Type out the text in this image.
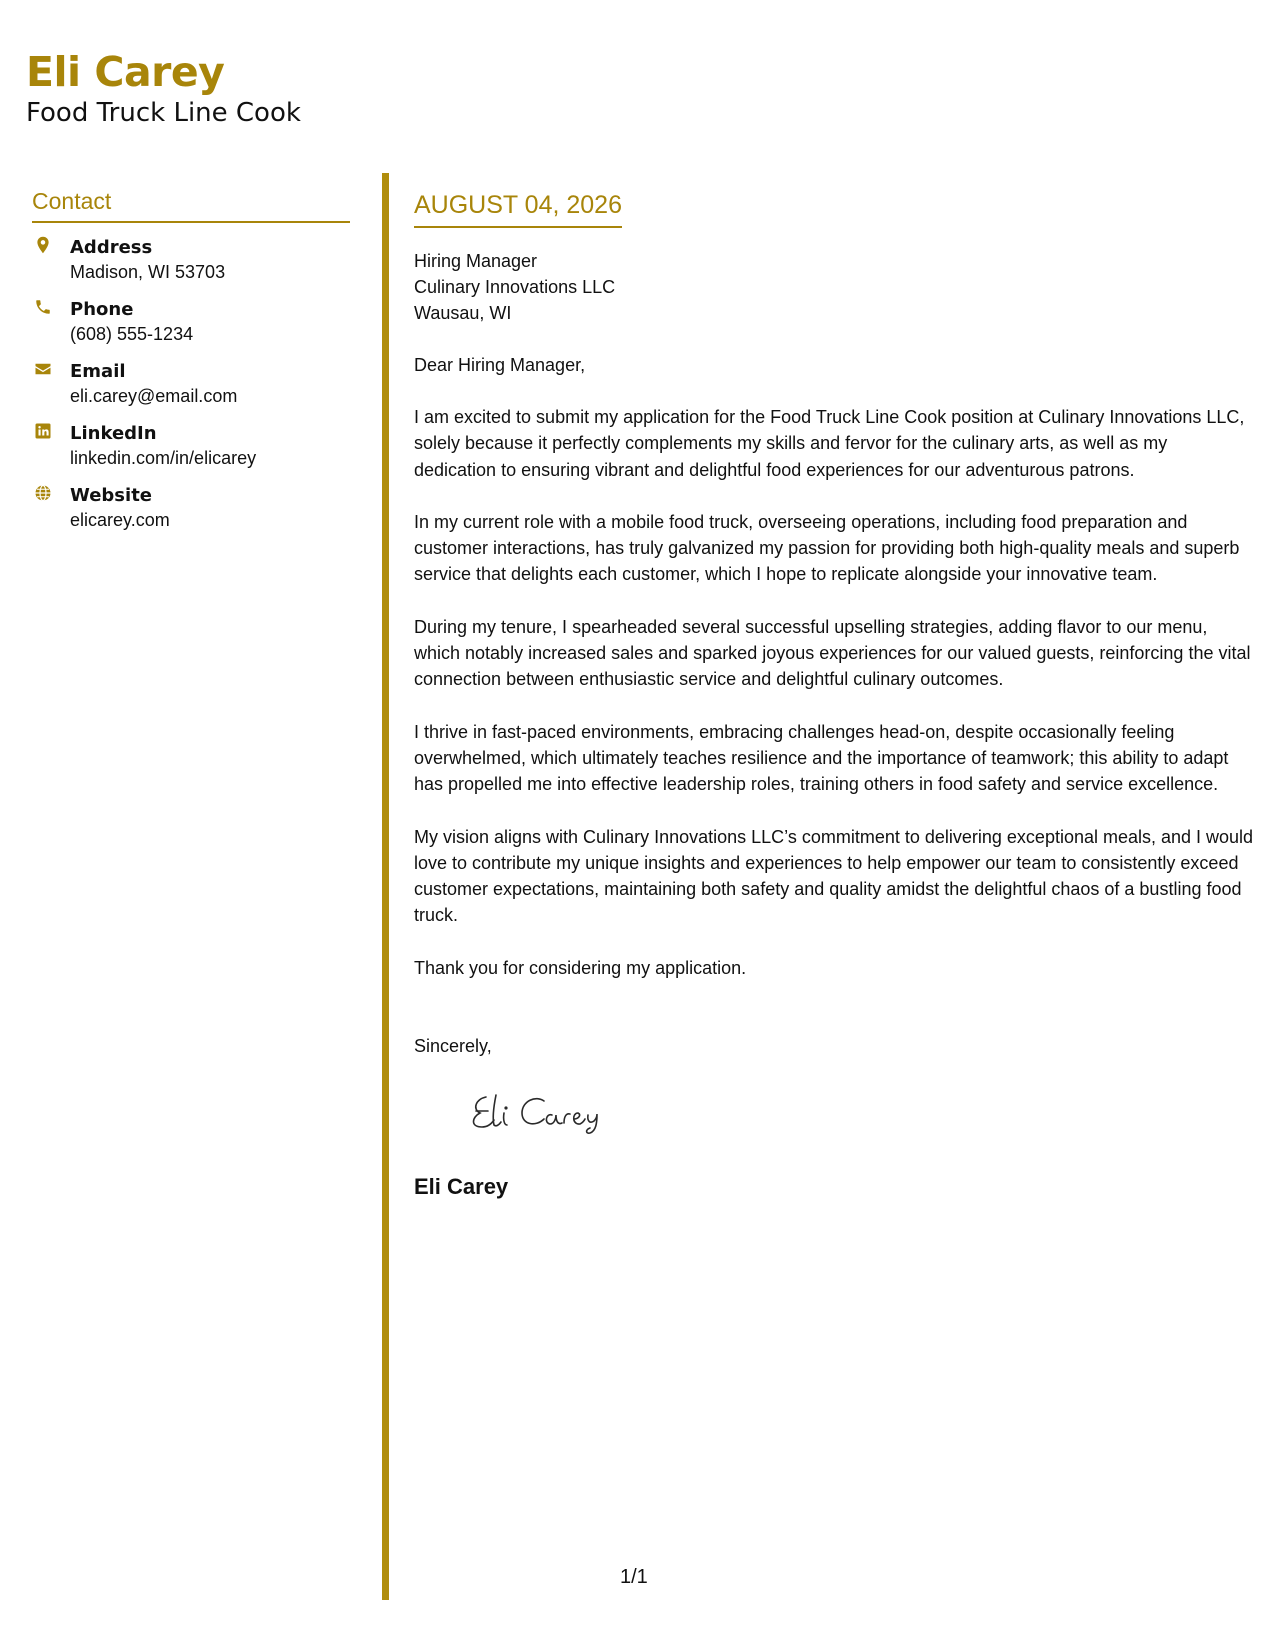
Eli Carey
Food Truck Line Cook
Contact
Address
Madison, WI 53703
Phone
(608) 555-1234
Email
eli.carey@email.com
LinkedIn
linkedin.com/in/elicarey
Website
elicarey.com
AUGUST 04, 2026
Hiring Manager
Culinary Innovations LLC
Wausau, WI
Dear Hiring Manager,

I am excited to submit my application for the Food Truck Line Cook position at Culinary Innovations LLC, solely because it perfectly complements my skills and fervor for the culinary arts, as well as my dedication to ensuring vibrant and delightful food experiences for our adventurous patrons.

In my current role with a mobile food truck, overseeing operations, including food preparation and customer interactions, has truly galvanized my passion for providing both high-quality meals and superb service that delights each customer, which I hope to replicate alongside your innovative team.

During my tenure, I spearheaded several successful upselling strategies, adding flavor to our menu, which notably increased sales and sparked joyous experiences for our valued guests, reinforcing the vital connection between enthusiastic service and delightful culinary outcomes.

I thrive in fast-paced environments, embracing challenges head-on, despite occasionally feeling overwhelmed, which ultimately teaches resilience and the importance of teamwork; this ability to adapt has propelled me into effective leadership roles, training others in food safety and service excellence.

My vision aligns with Culinary Innovations LLC’s commitment to delivering exceptional meals, and I would love to contribute my unique insights and experiences to help empower our team to consistently exceed customer expectations, maintaining both safety and quality amidst the delightful chaos of a bustling food truck.

Thank you for considering my application.

Sincerely,
Eli Carey
1/1
